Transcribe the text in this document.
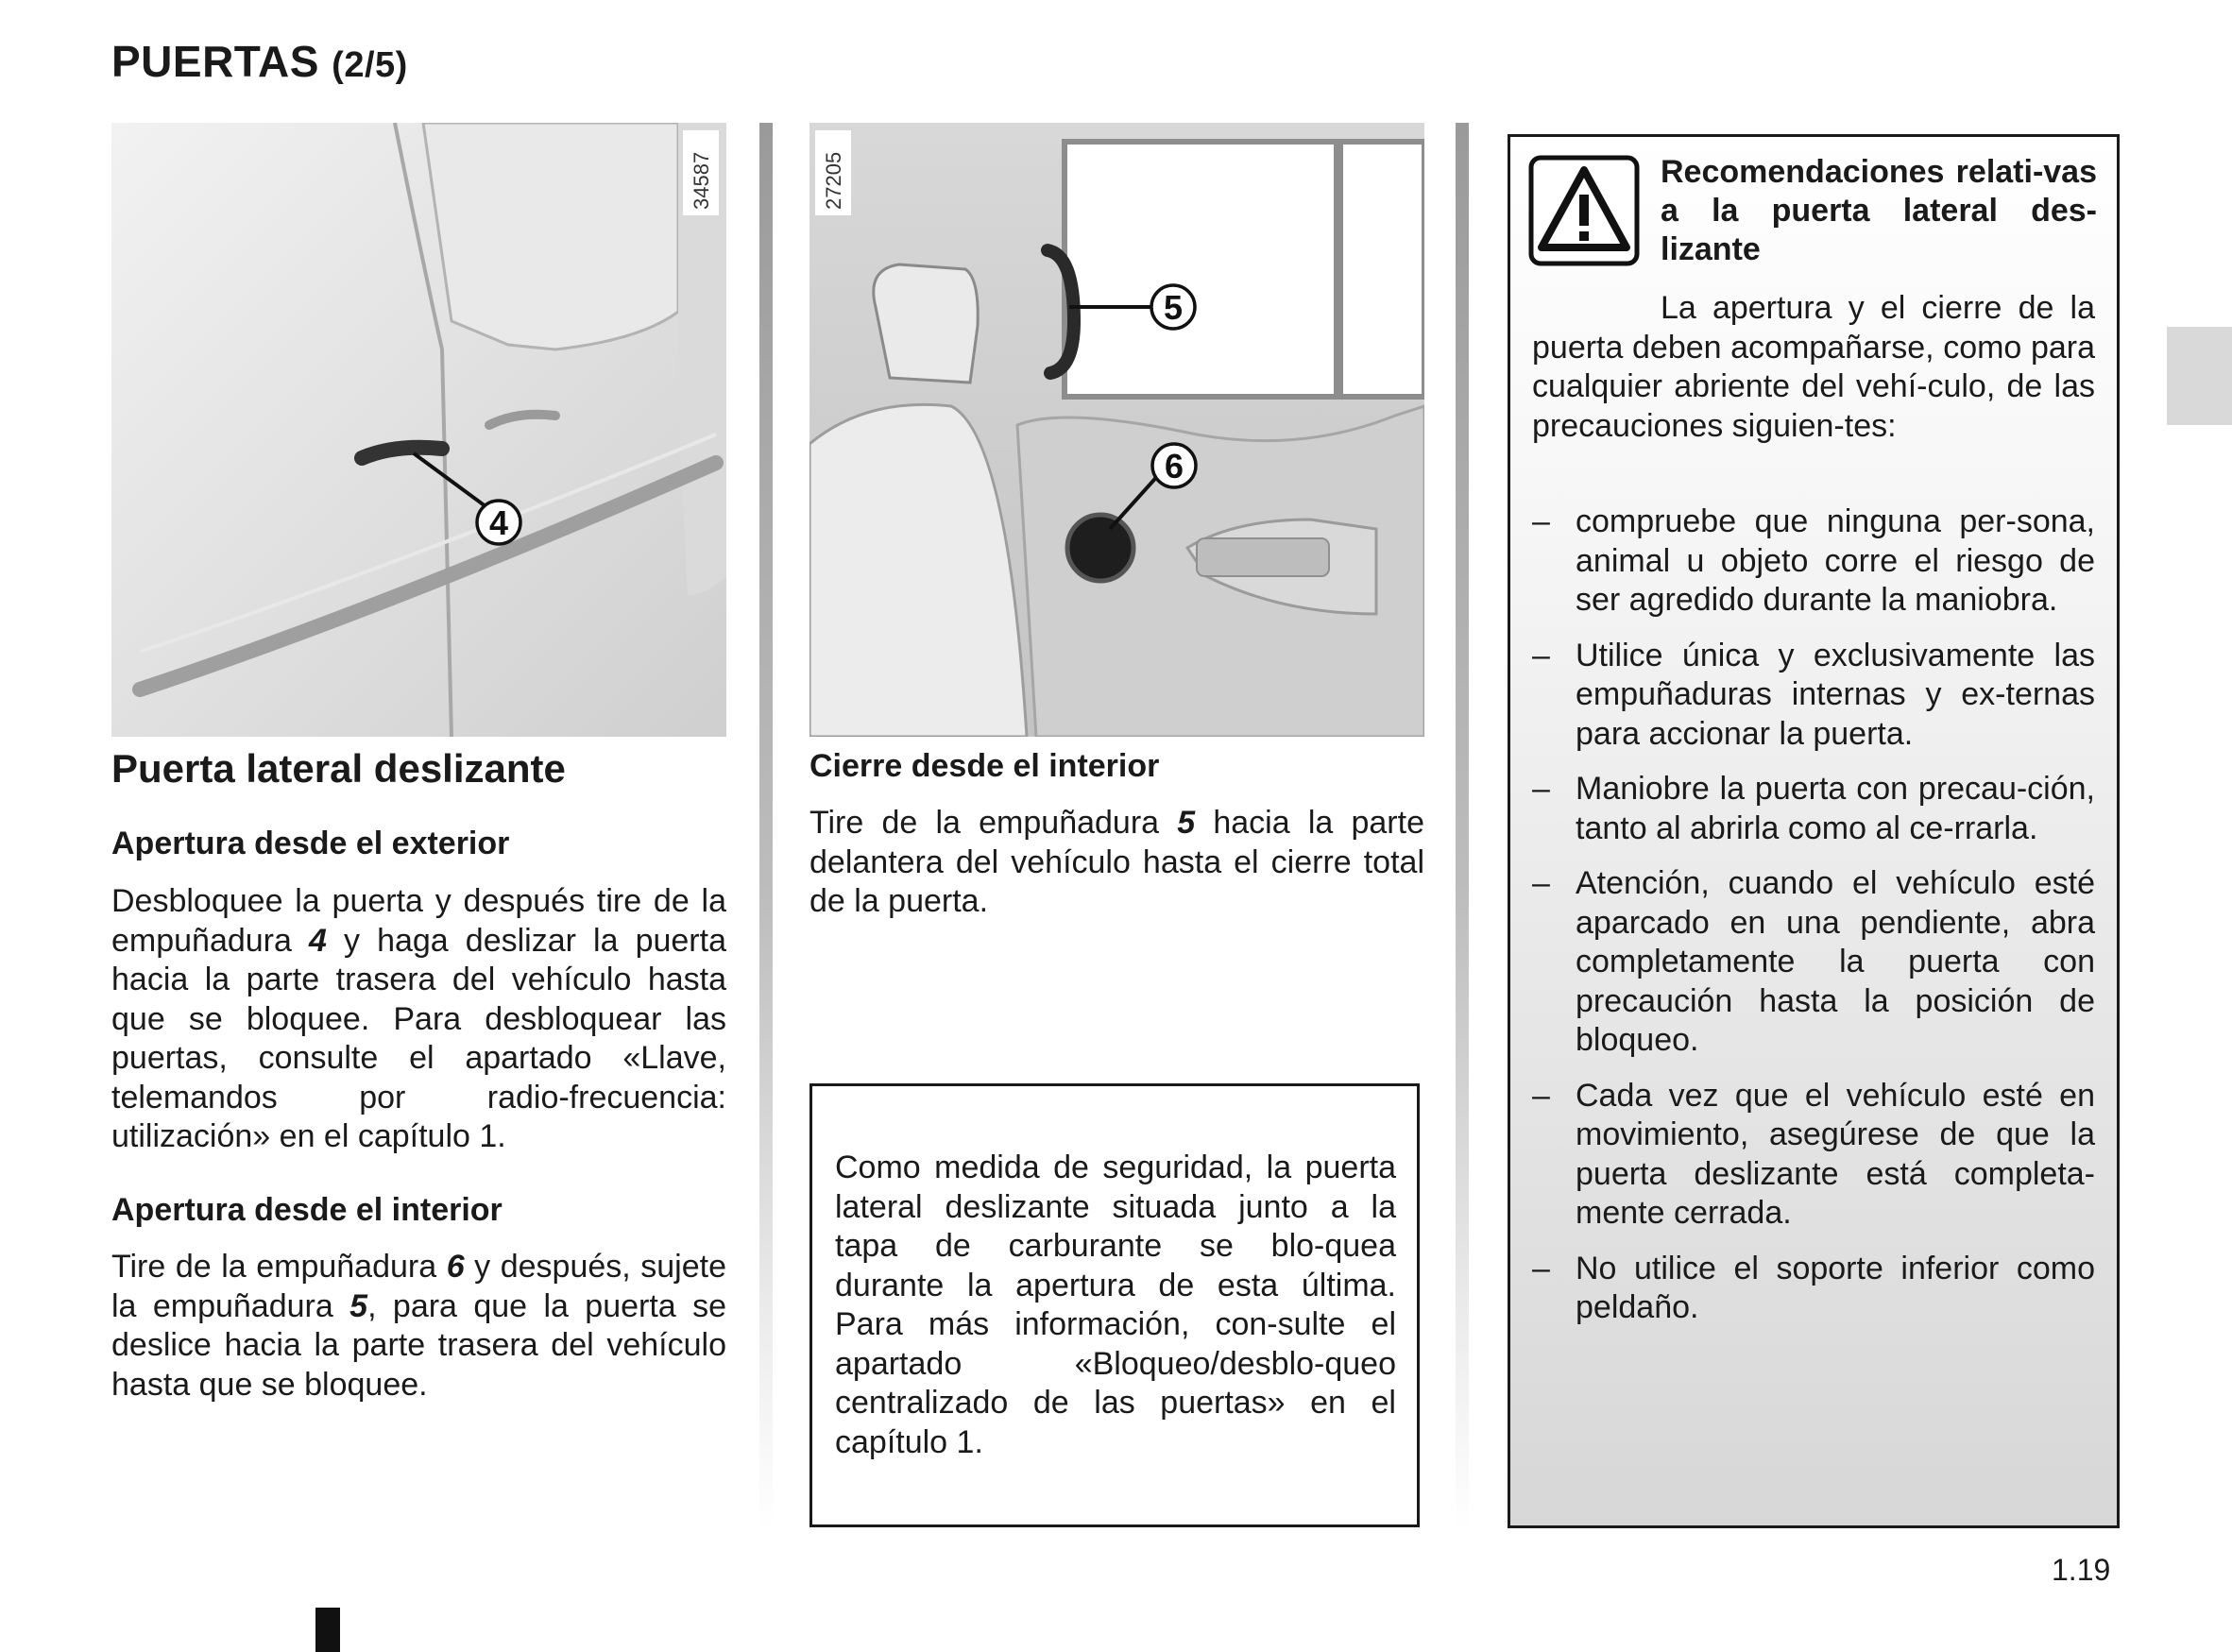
PUERTAS (2/5)
34587
4
27205
5
6
Puerta lateral deslizante
Apertura desde el exterior
Desbloquee la puerta y después tire de la empuñadura 4 y haga deslizar la puerta hacia la parte trasera del vehículo hasta que se bloquee. Para desbloquear las puertas, consulte el apartado «Llave, telemandos por radio-frecuencia: utilización» en el capítulo 1.
Apertura desde el interior
Tire de la empuñadura 6 y después, sujete la empuñadura 5, para que la puerta se deslice hacia la parte trasera del vehículo hasta que se bloquee.
Cierre desde el interior
Tire de la empuñadura 5 hacia la parte delantera del vehículo hasta el cierre total de la puerta.
Como medida de seguridad, la puerta lateral deslizante situada junto a la tapa de carburante se blo-quea durante la apertura de esta última. Para más información, con-sulte el apartado «Bloqueo/desblo-queo centralizado de las puertas» en el capítulo 1.
Recomendaciones relati-vas a la puerta lateral des-lizante
La apertura y el cierre de la puerta deben acompañarse, como para cualquier abriente del vehí-culo, de las precauciones siguien-tes:
– compruebe que ninguna per-sona, animal u objeto corre el riesgo de ser agredido durante la maniobra.
– Utilice única y exclusivamente las empuñaduras internas y ex-ternas para accionar la puerta.
– Maniobre la puerta con precau-ción, tanto al abrirla como al ce-rrarla.
– Atención, cuando el vehículo esté aparcado en una pendiente, abra completamente la puerta con precaución hasta la posición de bloqueo.
– Cada vez que el vehículo esté en movimiento, asegúrese de que la puerta deslizante está completa-mente cerrada.
– No utilice el soporte inferior como peldaño.
1.19
